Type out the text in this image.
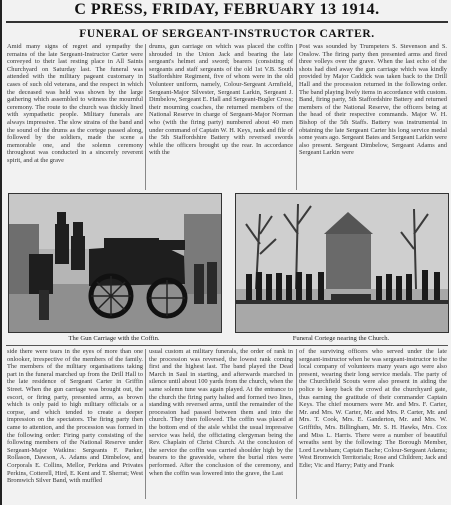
C PRESS, FRIDAY, FEBRUARY 13 1914.
FUNERAL OF SERGEANT-INSTRUCTOR CARTER.
Amid many signs of regret and sympathy the remains of the late Sergeant-Instructor Carter were conveyed to their last resting place in All Saints Churchyard on Saturday last. The funeral was attended with the military pageant customary in cases of such old veterans, and the respect in which the deceased was held was shown by the large gathering which assembled to witness the mournful ceremony. The route to the church was thickly lined with sympathetic people. Military funerals are always impressive. The slow strains of the band and the sound of the drums as the cortege passed along, followed by the soldiers, made the scene a memorable one, and the solemn ceremony throughout was conducted in a sincerely reverent spirit, and at the grave
drums, gun carriage on which was placed the coffin shrouded in the Union Jack and bearing the late sergeant's helmet and sword; bearers (consisting of sergeants and staff sergeants of the old 1st V.B. South Staffordshire Regiment, five of whom were in the old Volunteer uniform, namely, Colour-Sergeant Armfield, Sergeant-Major Silvester, Sergeant Larkin, Sergeant J. Dimbelow, Sergeant E. Hall and Sergeant-Bugler Cross; their mourning coaches, the returned members of the National Reserve in charge of Sergeant-Major Norman who (with the firing party) numbered about 40 men under command of Captain W. H. Keys, rank and file of the 5th Staffordshire Battery with reversed swords while the officers brought up the rear. In accordance with the
Post was sounded by Trumpeters S. Stevenson and S. Onslow. The firing party then presented arms and fired three volleys over the grave. When the last echo of the shots had died away the gun carriage which was kindly provided by Major Caddick was taken back to the Drill Hall and the procession returned in the following order. The band playing lively items in accordance with custom. Band, firing party, 5th Staffordshire Battery and returned members of the National Reserve, the officers being at the head of their respective commands. Major W. H. Bishop of the 5th Staffs. Battery was instrumental in obtaining the late Sergeant Carter his long service medal some years ago. Sergeant Bates and Sergeant Larkin were also present. Sergeant Dimbelow, Sergeant Adams and Sergeant Larkin were
The Gun Carriage with the Coffin.	Funeral Cortege nearing the Church.
side there were tears in the eyes of more than one onlooker, irrespective of the members of the family. The members of the military organisations taking part in the funeral marched up from the Drill Hall to the late residence of Sergeant Carter in Griffin Street. When the gun carriage was brought out, the escort, or firing party, presented arms, as brown which is only paid to high military officials or a corpse, and which tended to create a deeper impression on the spectators. The firing party then came to attention, and the procession was formed in the following order: Firing party consisting of the following members of the National Reserve under Sergeant-Major Watkins: Sergeants F. Parker, Rollason, Dawson, A. Adams and Dimbelow, and Corporals E. Collins, Mellor, Perkins and Privates Perkins, Cotterell, Hird, E. Kent and T. Sherrat; West Bromwich Silver Band, with muffled
usual custom at military funerals, the order of rank in the procession was reversed, the lowest rank coming first and the highest last. The band played the Dead March in Saul in starting, and afterwards marched in silence until about 100 yards from the church, when the same solemn tune was again played. At the entrance to the church the firing party halted and formed two lines, standing with reversed arms, until the remainder of the procession had passed between them and into the church. They then followed. The coffin was placed at the bottom end of the aisle whilst the usual impressive service was held, the officiating clergyman being the Rev. Chaplain of Christ Church. At the conclusion of the service the coffin was carried shoulder high by the bearers to the graveside, where the burial rites were performed. After the conclusion of the ceremony, and when the coffin was lowered into the grave, the Last
of the surviving officers who served under the late sergeant-instructor when he was sergeant-instructor to the local company of volunteers many years ago were also present, wearing their long service medals. The party of the Churchfield Scouts were also present in aiding the police to keep back the crowd at the churchyard gate, thus earning the gratitude of their commander Captain Keys. The chief mourners were Mr. and Mrs. F. Carter, Mr. and Mrs. W. Carter, Mr. and Mrs. P. Carter, Mr. and Mrs. T. Cook, Mrs. E. Ganderton, Mr. and Mrs. W. Griffiths, Mrs. Billingham, Mr. S. H. Hawks, Mrs. Cox and Miss L. Harris. There were a number of beautiful wreaths sent by the following: The Borough Member, Lord Lewisham; Captain Bache; Colour-Sergeant Adams; West Bromwich Territorials; Rose and Children; Jack and Edie; Vic and Harry; Patty and Frank
